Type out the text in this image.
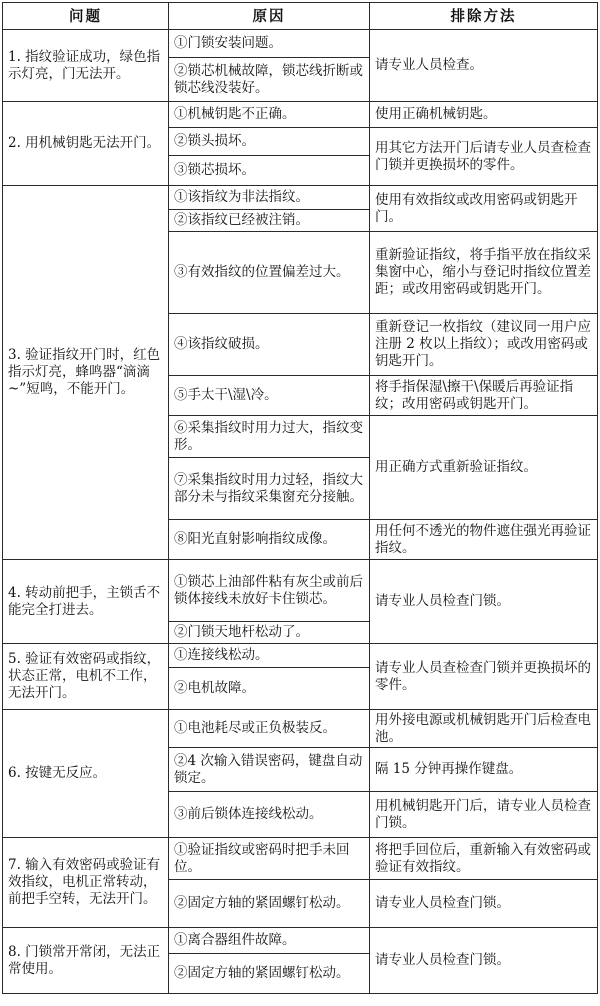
问题	原因	排除方法
1. 指纹验证成功，绿色指示灯亮，门无法开。	①门锁安装问题。	请专业人员检查。
	②锁芯机械故障，锁芯线折断或锁芯线没装好。	
2. 用机械钥匙无法开门。	①机械钥匙不正确。	使用正确机械钥匙。
	②锁头损坏。	用其它方法开门后请专业人员查检查门锁并更换损坏的零件。
	③锁芯损坏。	
3. 验证指纹开门时，红色指示灯亮，蜂鸣器“滴滴~”短鸣，不能开门。	①该指纹为非法指纹。	使用有效指纹或改用密码或钥匙开门。
	②该指纹已经被注销。	
	③有效指纹的位置偏差过大。	重新验证指纹，将手指平放在指纹采集窗中心，缩小与登记时指纹位置差距；或改用密码或钥匙开门。
	④该指纹破损。	重新登记一枚指纹（建议同一用户应注册 2 枚以上指纹）；或改用密码或钥匙开门。
	⑤手太干\湿\冷。	将手指保湿\擦干\保暖后再验证指纹；改用密码或钥匙开门。
	⑥采集指纹时用力过大，指纹变形。	用正确方式重新验证指纹。
	⑦采集指纹时用力过轻，指纹大部分未与指纹采集窗充分接触。	
	⑧阳光直射影响指纹成像。	用任何不透光的物件遮住强光再验证指纹。
4. 转动前把手，主锁舌不能完全打进去。	①锁芯上油部件粘有灰尘或前后锁体接线未放好卡住锁芯。	请专业人员检查门锁。
	②门锁天地杆松动了。	
5. 验证有效密码或指纹，状态正常，电机不工作，无法开门。	①连接线松动。	请专业人员查检查门锁并更换损坏的零件。
	②电机故障。	
6. 按键无反应。	①电池耗尽或正负极装反。	用外接电源或机械钥匙开门后检查电池。
	②4 次输入错误密码，键盘自动锁定。	隔 15 分钟再操作键盘。
	③前后锁体连接线松动。	用机械钥匙开门后，请专业人员检查门锁。
7. 输入有效密码或验证有效指纹，电机正常转动，前把手空转，无法开门。	①验证指纹或密码时把手未回位。	将把手回位后，重新输入有效密码或验证有效指纹。
	②固定方轴的紧固螺钉松动。	请专业人员检查门锁。
8. 门锁常开常闭，无法正常使用。	①离合器组件故障。	请专业人员检查门锁。
	②固定方轴的紧固螺钉松动。	
